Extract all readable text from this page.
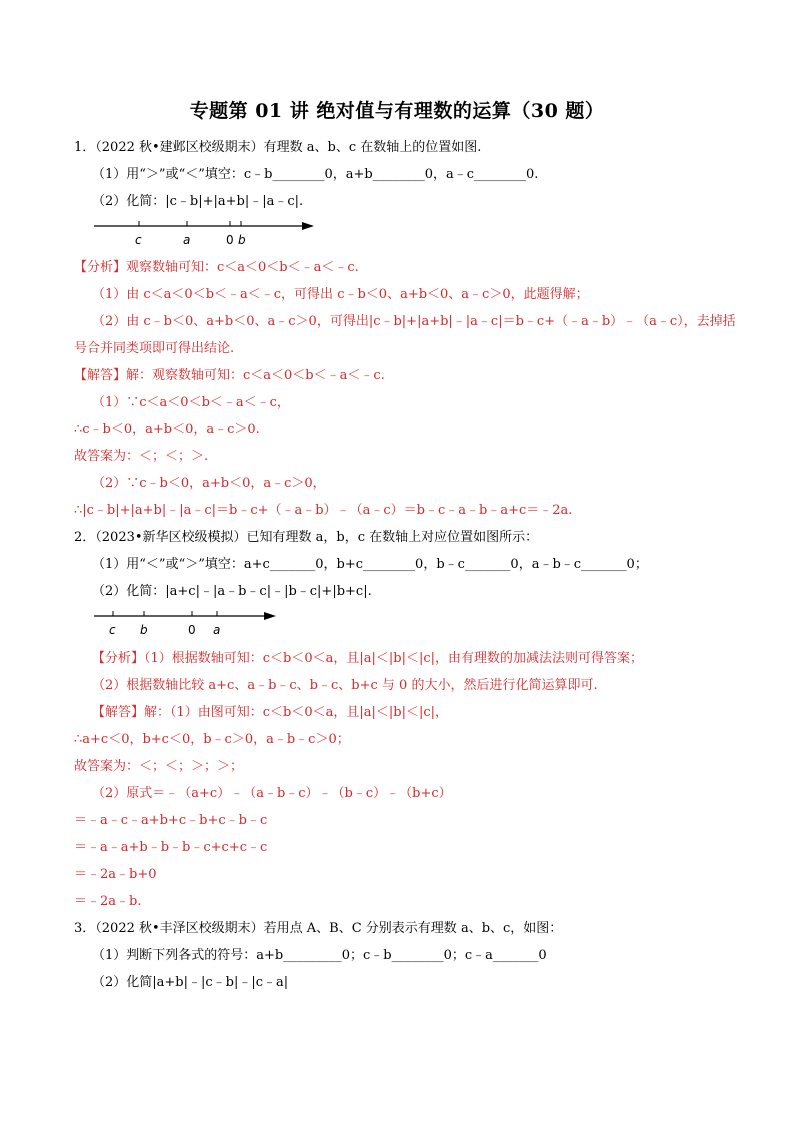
专题第 01 讲 绝对值与有理数的运算（30 题）
1．（2022 秋•建邺区校级期末）有理数 a、b、c 在数轴上的位置如图.
（1）用“＞”或“＜”填空：c﹣b________0，a+b________0，a﹣c________0.
（2）化简：|c﹣b|+|a+b|﹣|a﹣c|.
c	a	0 b
【分析】观察数轴可知：c＜a＜0＜b＜﹣a＜﹣c.
（1）由 c＜a＜0＜b＜﹣a＜﹣c，可得出 c﹣b＜0、a+b＜0、a﹣c＞0，此题得解；
（2）由 c﹣b＜0、a+b＜0、a﹣c＞0，可得出|c﹣b|+|a+b|﹣|a﹣c|＝b﹣c+（﹣a﹣b）﹣（a﹣c），去掉括
号合并同类项即可得出结论.
【解答】解：观察数轴可知：c＜a＜0＜b＜﹣a＜﹣c.
（1）∵c＜a＜0＜b＜﹣a＜﹣c，
∴c﹣b＜0，a+b＜0，a﹣c＞0.
故答案为：＜；＜；＞.
（2）∵c﹣b＜0，a+b＜0，a﹣c＞0，
∴|c﹣b|+|a+b|﹣|a﹣c|＝b﹣c+（﹣a﹣b）﹣（a﹣c）＝b﹣c﹣a﹣b﹣a+c＝﹣2a.
2．（2023•新华区校级模拟）已知有理数 a，b，c 在数轴上对应位置如图所示：
（1）用“＜”或“＞”填空：a+c_______0，b+c________0，b﹣c_______0，a﹣b﹣c_______0；
（2）化简：|a+c|﹣|a﹣b﹣c|﹣|b﹣c|+|b+c|.
c b	0 a
【分析】（1）根据数轴可知：c＜b＜0＜a，且|a|＜|b|＜|c|，由有理数的加减法法则可得答案；
（2）根据数轴比较 a+c、a﹣b﹣c、b﹣c、b+c 与 0 的大小，然后进行化简运算即可.
【解答】解：（1）由图可知：c＜b＜0＜a，且|a|＜|b|＜|c|，
∴a+c＜0，b+c＜0，b﹣c＞0，a﹣b﹣c＞0；
故答案为：＜；＜；＞；＞；
（2）原式＝﹣（a+c）﹣（a﹣b﹣c）﹣（b﹣c）﹣（b+c）
＝﹣a﹣c﹣a+b+c﹣b+c﹣b﹣c
＝﹣a﹣a+b﹣b﹣b﹣c+c+c﹣c
＝﹣2a﹣b+0
＝﹣2a﹣b.
3．（2022 秋•丰泽区校级期末）若用点 A、B、C 分别表示有理数 a、b、c，如图：
（1）判断下列各式的符号：a+b_________0；c﹣b________0；c﹣a_______0
（2）化简|a+b|﹣|c﹣b|﹣|c﹣a|
